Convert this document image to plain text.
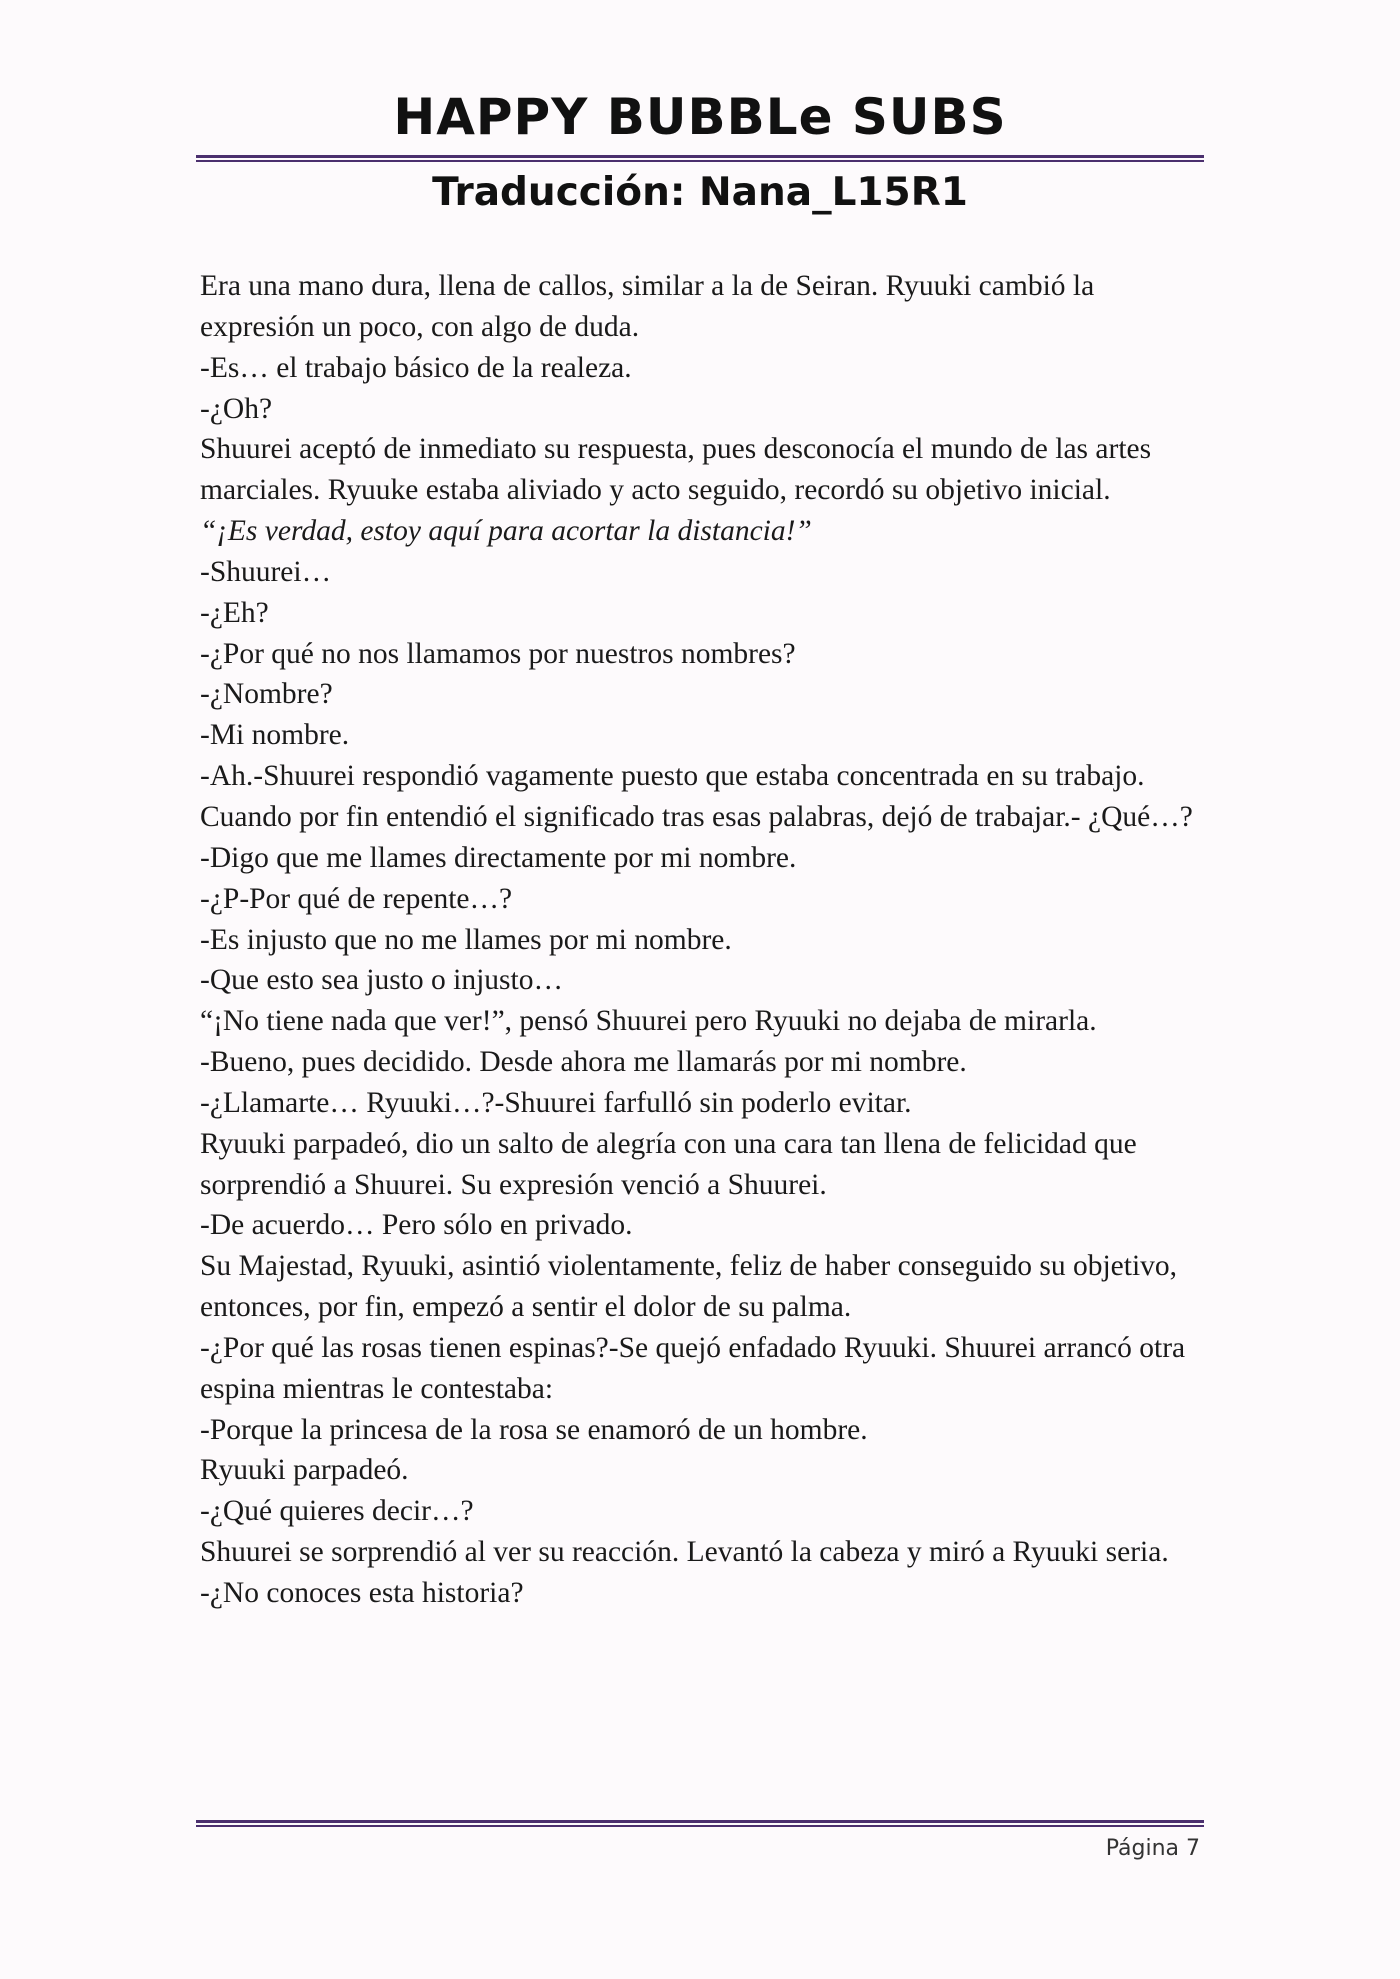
HAPPY BUBBLe SUBS
Traducción: Nana_L15R1

Era una mano dura, llena de callos, similar a la de Seiran. Ryuuki cambió la expresión un poco, con algo de duda.

-Es… el trabajo básico de la realeza.

-¿Oh?

Shuurei aceptó de inmediato su respuesta, pues desconocía el mundo de las artes marciales. Ryuuke estaba aliviado y acto seguido, recordó su objetivo inicial.

“¡Es verdad, estoy aquí para acortar la distancia!”

-Shuurei…

-¿Eh?

-¿Por qué no nos llamamos por nuestros nombres?

-¿Nombre?

-Mi nombre.

-Ah.-Shuurei respondió vagamente puesto que estaba concentrada en su trabajo. Cuando por fin entendió el significado tras esas palabras, dejó de trabajar.- ¿Qué…?

-Digo que me llames directamente por mi nombre.

-¿P-Por qué de repente…?

-Es injusto que no me llames por mi nombre.

-Que esto sea justo o injusto…

“¡No tiene nada que ver!”, pensó Shuurei pero Ryuuki no dejaba de mirarla.

-Bueno, pues decidido. Desde ahora me llamarás por mi nombre.

-¿Llamarte… Ryuuki…?-Shuurei farfulló sin poderlo evitar.

Ryuuki parpadeó, dio un salto de alegría con una cara tan llena de felicidad que sorprendió a Shuurei. Su expresión venció a Shuurei.

-De acuerdo… Pero sólo en privado.

Su Majestad, Ryuuki, asintió violentamente, feliz de haber conseguido su objetivo, entonces, por fin, empezó a sentir el dolor de su palma.

-¿Por qué las rosas tienen espinas?-Se quejó enfadado Ryuuki. Shuurei arrancó otra espina mientras le contestaba:

-Porque la princesa de la rosa se enamoró de un hombre.

Ryuuki parpadeó.

-¿Qué quieres decir…?

Shuurei se sorprendió al ver su reacción. Levantó la cabeza y miró a Ryuuki seria.

-¿No conoces esta historia?

Página 7
